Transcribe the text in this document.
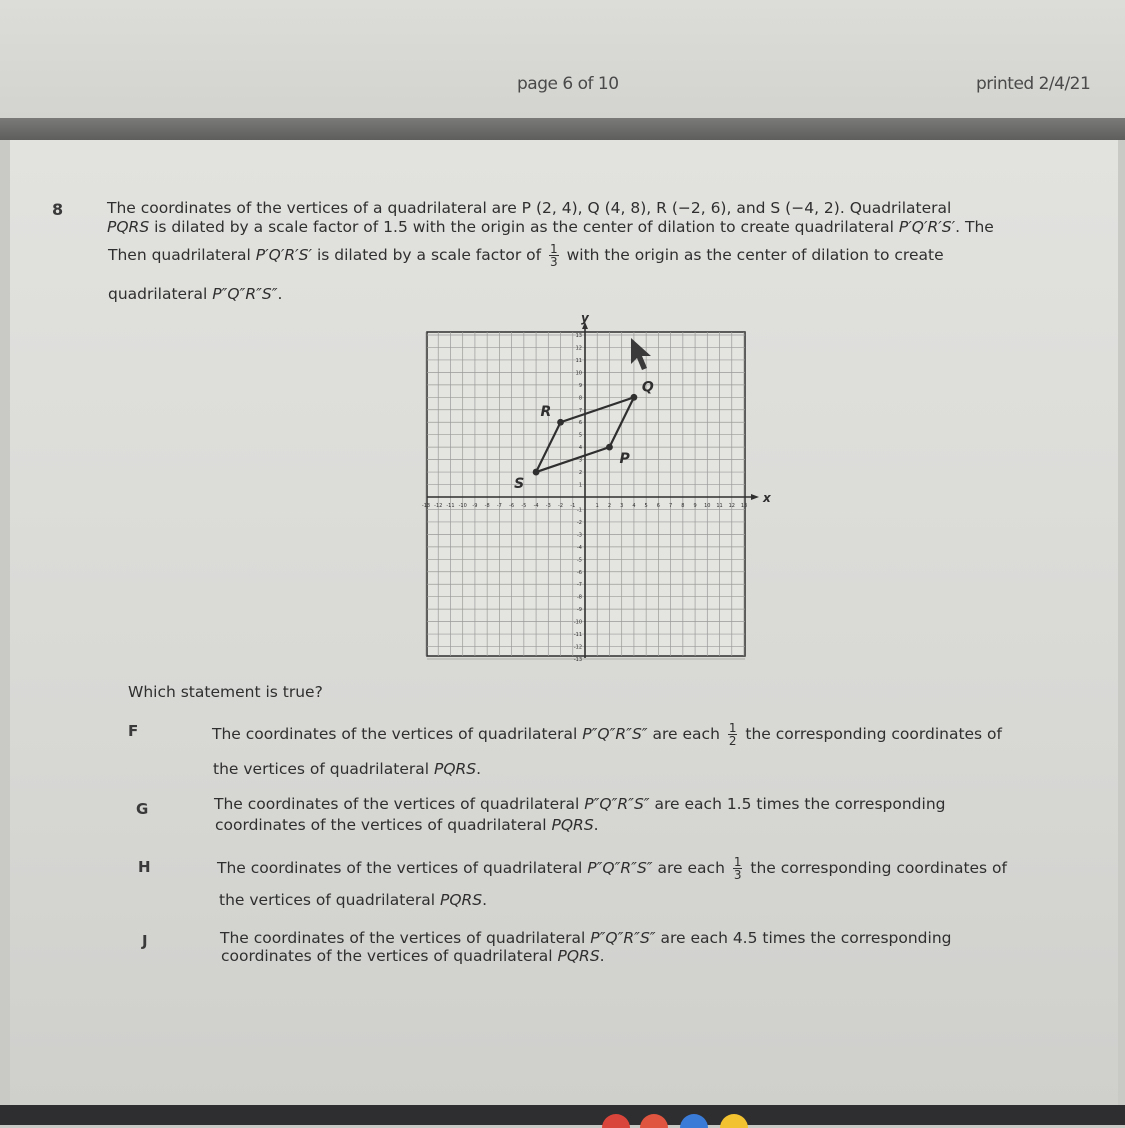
page 6 of 10	printed 2/4/21
8	The coordinates of the vertices of a quadrilateral are P (2, 4), Q (4, 8), R (−2, 6), and S (−4, 2). Quadrilateral
PQRS is dilated by a scale factor of 1.5 with the origin as the center of dilation to create quadrilateral P′Q′R′S′. The
Then quadrilateral P′Q′R′S′ is dilated by a scale factor of $\frac{1}{3}$ with the origin as the center of dilation to create
quadrilateral P″Q″R″S″.
x
y
-13 -12 -11 -10 -9 -8 -7 -6 -5 -4 -3 -2 -1	1 2 3 4 5 6 7 8 9 10 11 12 13
-13
-12
-11
-10
-9
-8
-7
-6
-5
-4
-3
-2
-1
1
2
3
4
5
6
7
8
9
10
11
12
13
P
Q
R
S
Which statement is true?
F	The coordinates of the vertices of quadrilateral P″Q″R″S″ are each $\frac{1}{2}$ the corresponding coordinates of
the vertices of quadrilateral PQRS.
G	The coordinates of the vertices of quadrilateral P″Q″R″S″ are each 1.5 times the corresponding
coordinates of the vertices of quadrilateral PQRS.
H	The coordinates of the vertices of quadrilateral P″Q″R″S″ are each $\frac{1}{3}$ the corresponding coordinates of
the vertices of quadrilateral PQRS.
J	The coordinates of the vertices of quadrilateral P″Q″R″S″ are each 4.5 times the corresponding
coordinates of the vertices of quadrilateral PQRS.
